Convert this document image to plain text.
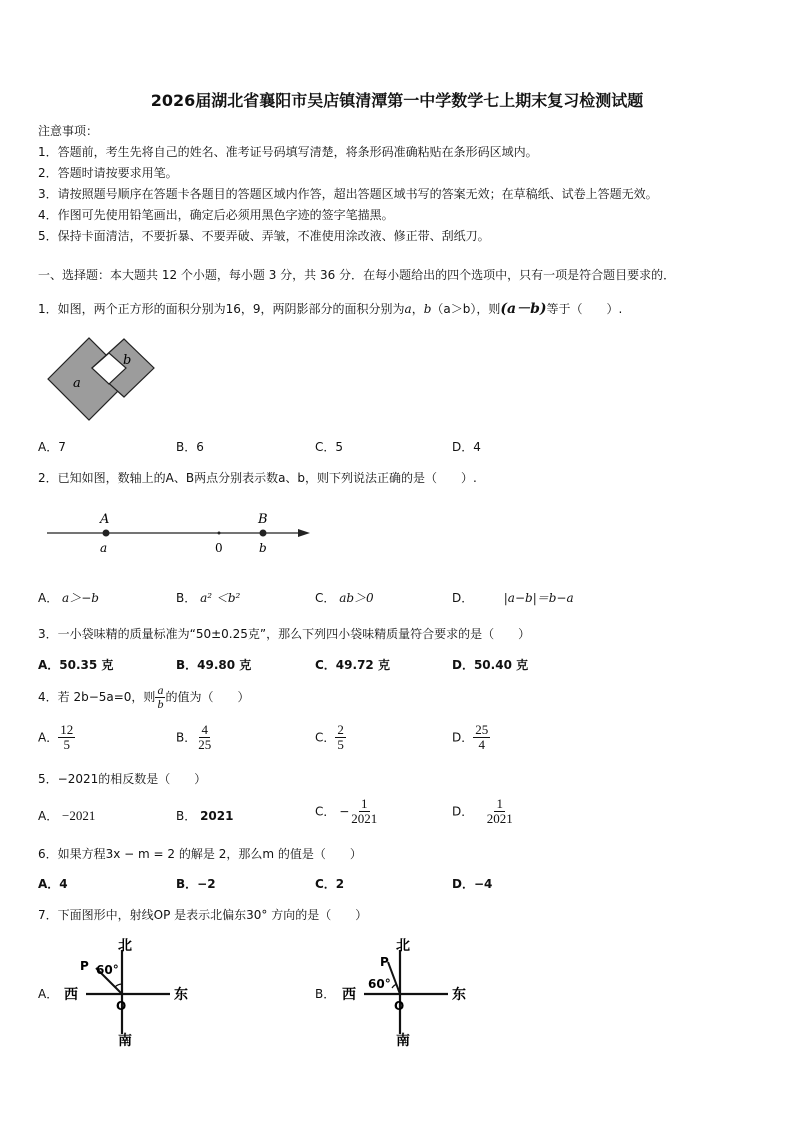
2026届湖北省襄阳市吴店镇清潭第一中学数学七上期末复习检测试题
注意事项：
1．答题前，考生先将自己的姓名、准考证号码填写清楚，将条形码准确粘贴在条形码区域内。
2．答题时请按要求用笔。
3．请按照题号顺序在答题卡各题目的答题区域内作答，超出答题区域书写的答案无效；在草稿纸、试卷上答题无效。
4．作图可先使用铅笔画出，确定后必须用黑色字迹的签字笔描黑。
5．保持卡面清洁，不要折暴、不要弄破、弄皱，不准使用涂改液、修正带、刮纸刀。
一、选择题：本大题共 12 个小题，每小题 3 分，共 36 分．在每小题给出的四个选项中，只有一项是符合题目要求的．
1．如图，两个正方形的面积分别为16，9，两阴影部分的面积分别为a，b（a＞b），则(a－b)等于（　　）.
a
b
A．7	B．6	C．5	D．4
2．已知如图，数轴上的A、B两点分别表示数a、b，则下列说法正确的是（　　）.
A	B
a	0	b
A． a＞−b	B． a² ＜b²	C． ab＞0	D．	|a−b|＝b−a
3．一小袋味精的质量标准为“50±0.25克”，那么下列四小袋味精质量符合要求的是（　　）
A．50.35 克	B．49.80 克	C．49.72 克	D．50.40 克
4．若 2b−5a=0，则 $\frac{a}{b}$ 的值为（　　）
A． $\frac{12}{5}$	B． $\frac{4}{25}$	C． $\frac{2}{5}$	D． $\frac{25}{4}$
5．−2021的相反数是（　　）
A． −2021	B． 2021	C． − $\frac{1}{2021}$	D． $\frac{1}{2021}$
6．如果方程3x − m = 2 的解是 2，那么m 的值是（　　）
A．4	B．−2	C．2	D．−4
7．下面图形中，射线OP 是表示北偏东30° 方向的是（　　）
A．	B．
北
南
西	东
O
P 60°
北
南
西	东
O
P
60°
